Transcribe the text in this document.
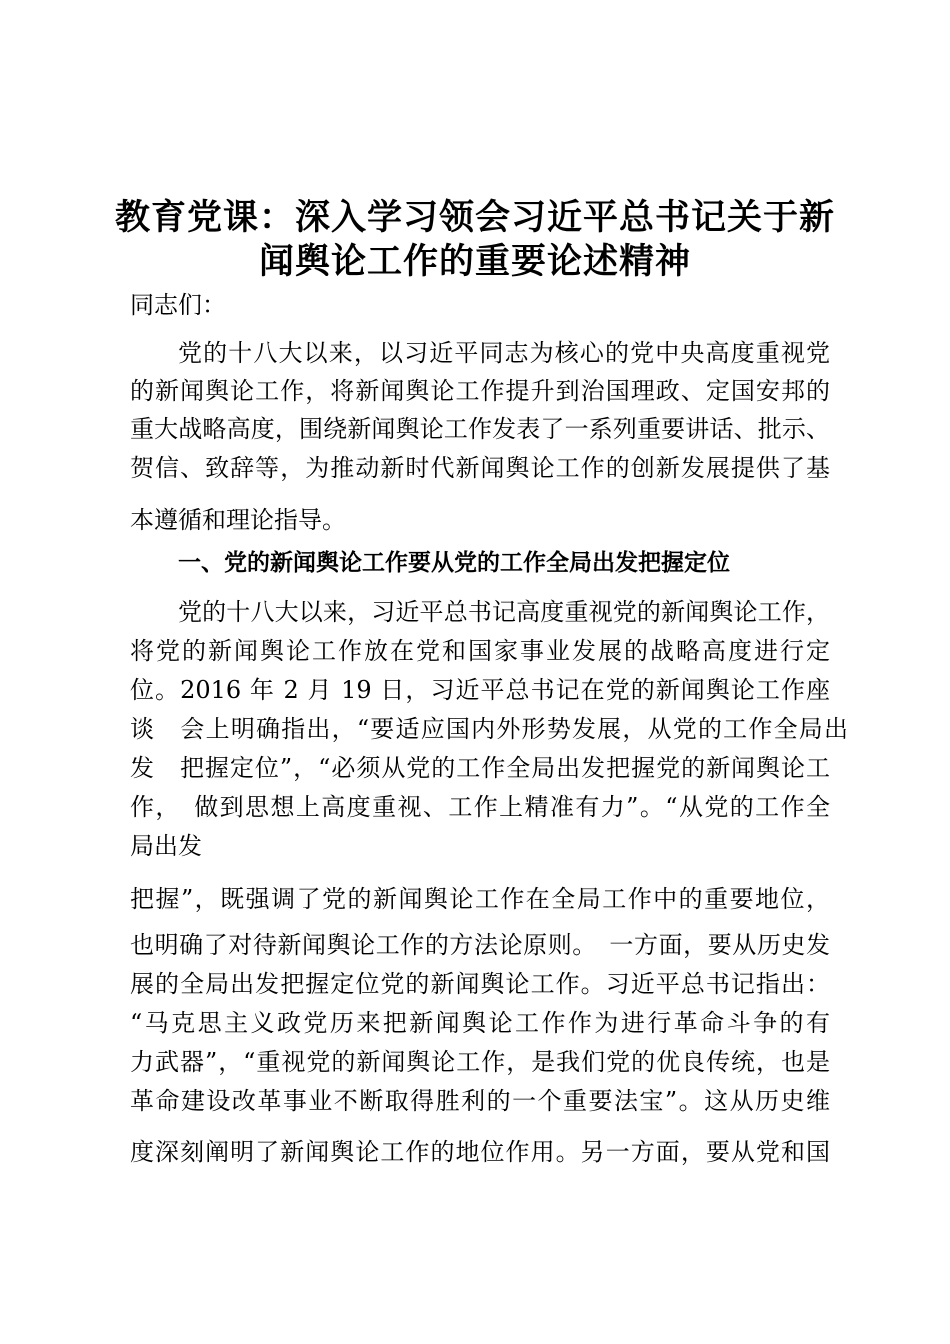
教育党课：深入学习领会习近平总书记关于新
闻舆论工作的重要论述精神
同志们：
党的十八大以来，以习近平同志为核心的党中央高度重视党
的新闻舆论工作，将新闻舆论工作提升到治国理政、定国安邦的
重大战略高度，围绕新闻舆论工作发表了一系列重要讲话、批示、
贺信、致辞等，为推动新时代新闻舆论工作的创新发展提供了基
本遵循和理论指导。
一、党的新闻舆论工作要从党的工作全局出发把握定位
党的十八大以来，习近平总书记高度重视党的新闻舆论工作，
将党的新闻舆论工作放在党和国家事业发展的战略高度进行定
位。2016 年 2 月 19 日，习近平总书记在党的新闻舆论工作座
谈　会上明确指出，“要适应国内外形势发展，从党的工作全局出
发　把握定位”，“必须从党的工作全局出发把握党的新闻舆论工
作，　做到思想上高度重视、工作上精准有力”。“从党的工作全
局出发
把握”，既强调了党的新闻舆论工作在全局工作中的重要地位，
也明确了对待新闻舆论工作的方法论原则。　一方面，要从历史发
展的全局出发把握定位党的新闻舆论工作。习近平总书记指出：
“马克思主义政党历来把新闻舆论工作作为进行革命斗争的有
力武器”，“重视党的新闻舆论工作，是我们党的优良传统，也是
革命建设改革事业不断取得胜利的一个重要法宝”。这从历史维
度深刻阐明了新闻舆论工作的地位作用。另一方面，要从党和国
